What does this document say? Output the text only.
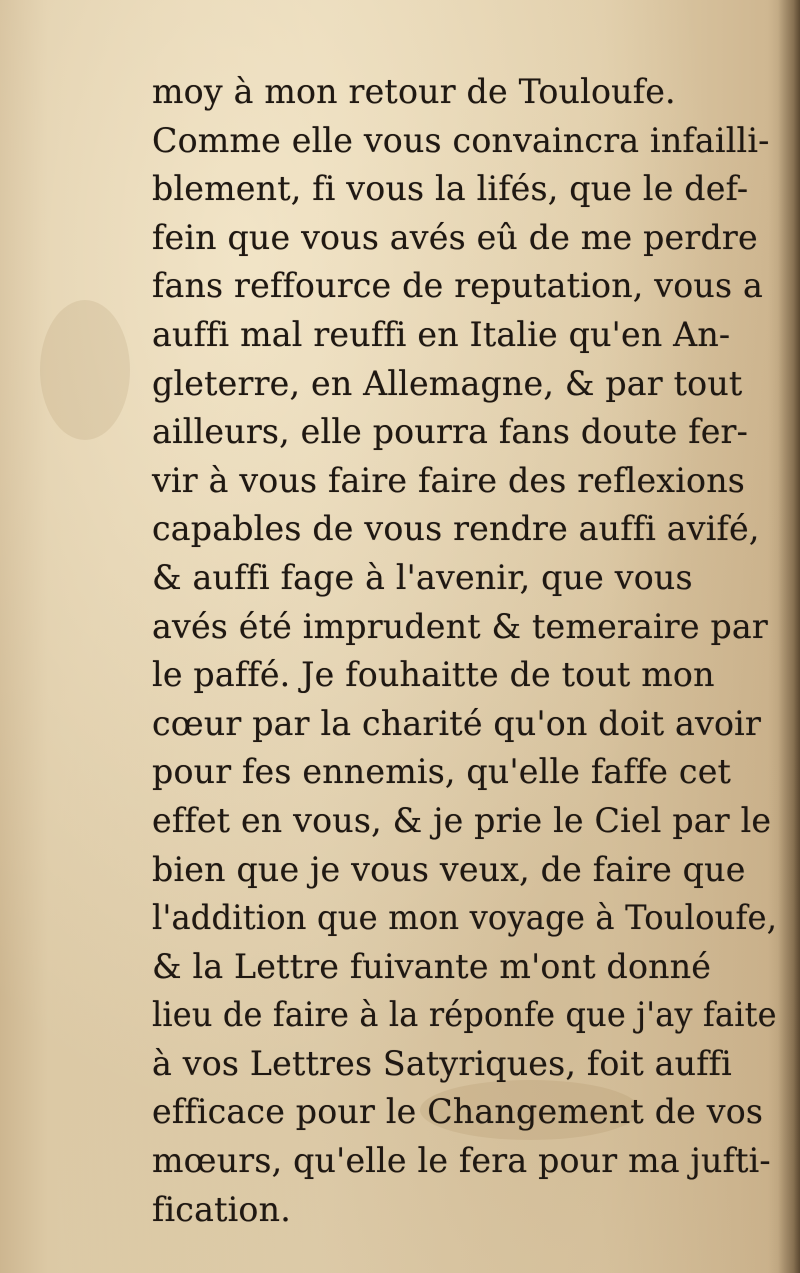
moy à mon retour de Touloufe.
Comme elle vous convaincra infailli-
blement, fi vous la lifés, que le def-
fein que vous avés eû de me perdre
fans reffource de reputation, vous a
auffi mal reuffi en Italie qu'en An-
gleterre, en Allemagne, & par tout
ailleurs, elle pourra fans doute fer-
vir à vous faire faire des reflexions
capables de vous rendre auffi avifé,
& auffi fage à l'avenir, que vous
avés été imprudent & temeraire par
le paffé. Je fouhaitte de tout mon
cœur par la charité qu'on doit avoir
pour fes ennemis, qu'elle faffe cet
effet en vous, & je prie le Ciel par le
bien que je vous veux, de faire que
l'addition que mon voyage à Touloufe,
& la Lettre fuivante m'ont donné
lieu de faire à la réponfe que j'ay faite
à vos Lettres Satyriques, foit auffi
efficace pour le Changement de vos
mœurs, qu'elle le fera pour ma jufti-
fication.
